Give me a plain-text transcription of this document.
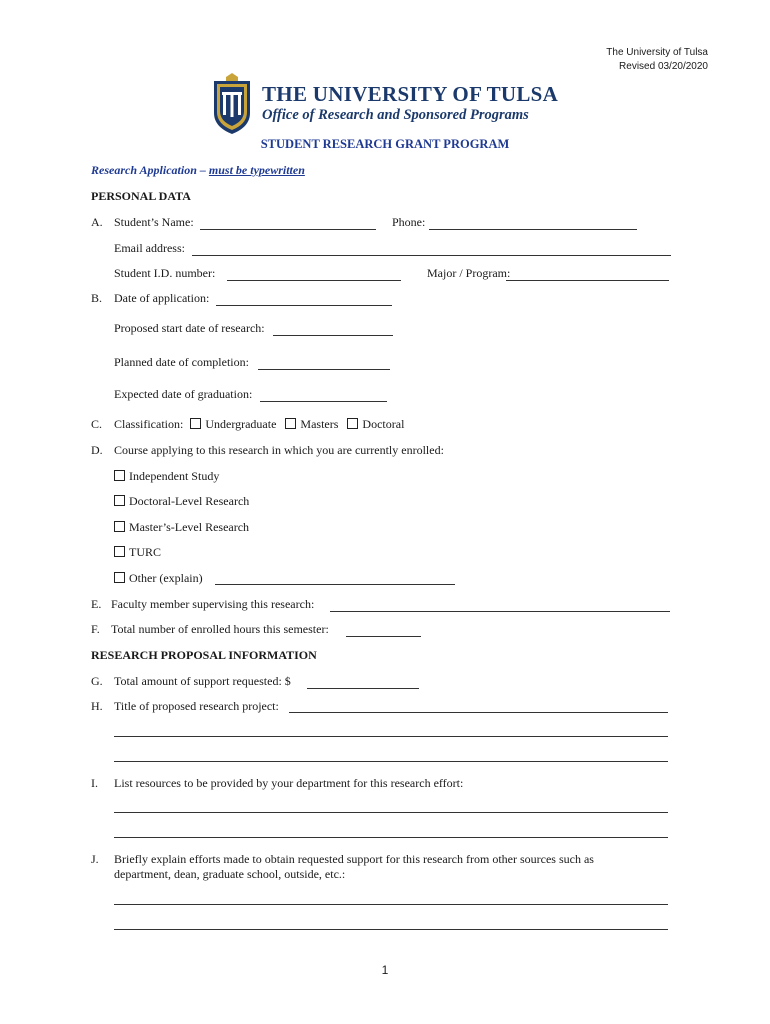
The University of Tulsa
Revised 03/20/2020
THE UNIVERSITY OF TULSA
Office of Research and Sponsored Programs
STUDENT RESEARCH GRANT PROGRAM
Research Application – must be typewritten
PERSONAL DATA
A. Student’s Name:	Phone:
Email address:
Student I.D. number:	Major / Program:
B. Date of application:
Proposed start date of research:
Planned date of completion:
Expected date of graduation:
C. Classification: Undergraduate Masters Doctoral
D. Course applying to this research in which you are currently enrolled:
Independent Study
Doctoral-Level Research
Master’s-Level Research
TURC
Other (explain)
E. Faculty member supervising this research:
F. Total number of enrolled hours this semester:
RESEARCH PROPOSAL INFORMATION
G. Total amount of support requested: $
H. Title of proposed research project:
I. List resources to be provided by your department for this research effort:
J. Briefly explain efforts made to obtain requested support for this research from other sources such as
department, dean, graduate school, outside, etc.:
1
